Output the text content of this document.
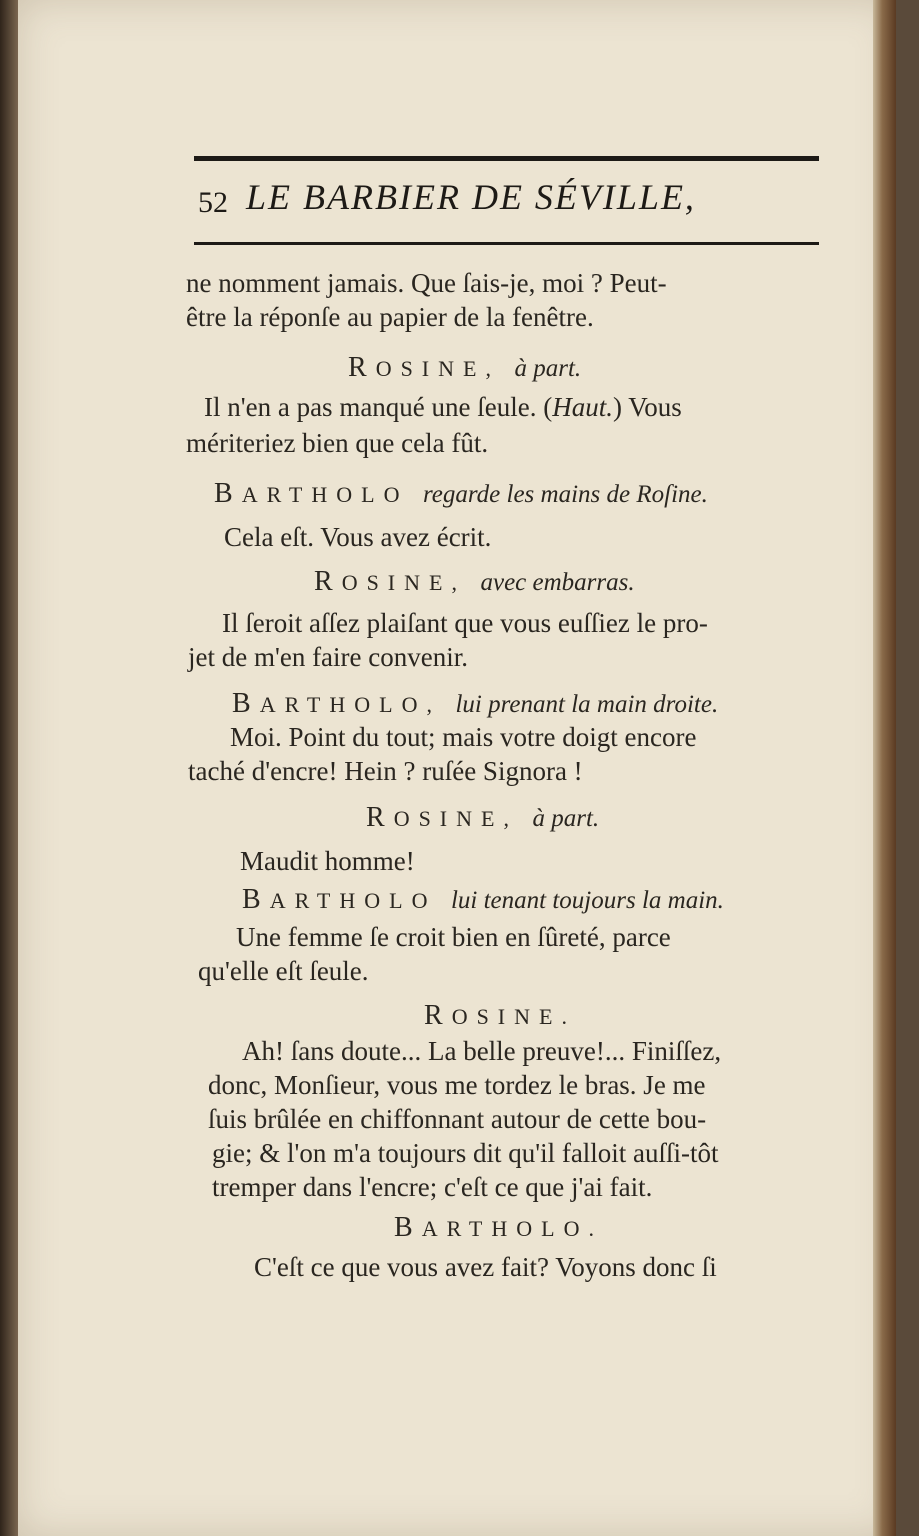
52 LE BARBIER DE SÉVILLE,
ne nomment jamais. Que ſais-je, moi ? Peut-
être la réponſe au papier de la fenêtre.
ROSINE, à part.
Il n'en a pas manqué une ſeule. (Haut.) Vous
mériteriez bien que cela fût.
BARTHOLO regarde les mains de Roſine.
Cela eſt. Vous avez écrit.
ROSINE, avec embarras.
Il ſeroit aſſez plaiſant que vous euſſiez le pro-
jet de m'en faire convenir.
BARTHOLO, lui prenant la main droite.
Moi. Point du tout; mais votre doigt encore
taché d'encre! Hein ? ruſée Signora !
ROSINE, à part.
Maudit homme!
BARTHOLO lui tenant toujours la main.
Une femme ſe croit bien en ſûreté, parce
qu'elle eſt ſeule.
ROSINE.
Ah! ſans doute... La belle preuve!... Finiſſez,
donc, Monſieur, vous me tordez le bras. Je me
ſuis brûlée en chiffonnant autour de cette bou-
gie; & l'on m'a toujours dit qu'il falloit auſſi-tôt
tremper dans l'encre; c'eſt ce que j'ai fait.
BARTHOLO.
C'eſt ce que vous avez fait? Voyons donc ſi
